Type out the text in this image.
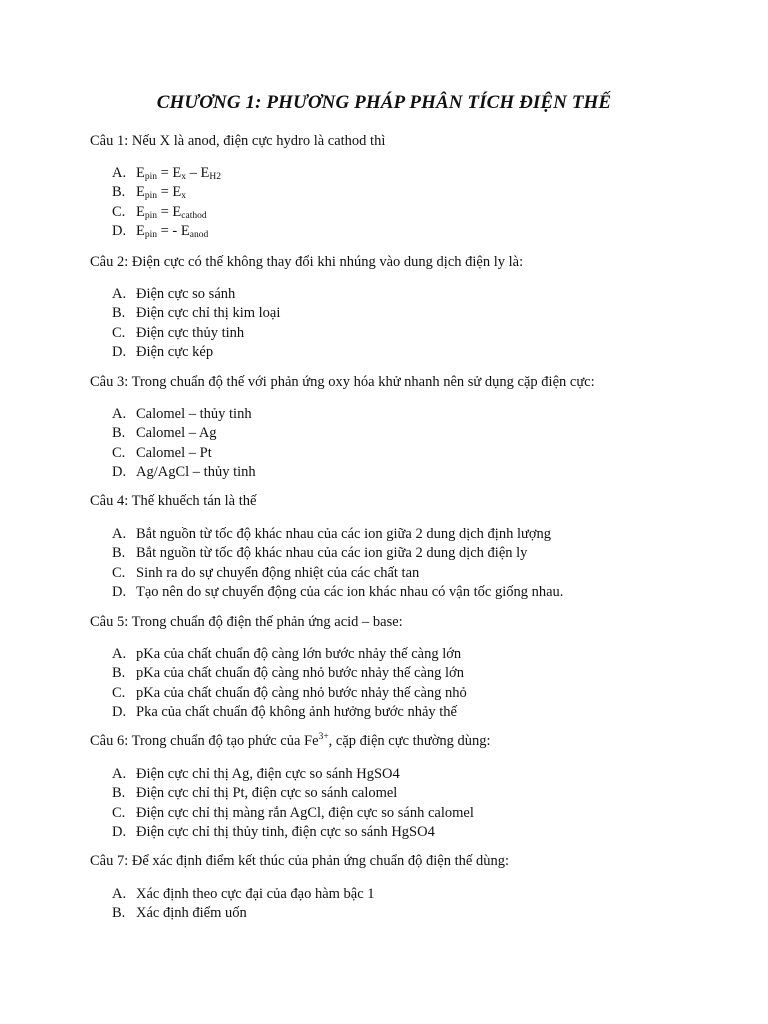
CHƯƠNG 1: PHƯƠNG PHÁP PHÂN TÍCH ĐIỆN THẾ
Câu 1: Nếu X là anod, điện cực hydro là cathod thì
A. $E_{pin} = E_x - E_{H2}$
B. $E_{pin} = E_x$
C. $E_{pin} = E_{cathod}$
D. $E_{pin}$ = - $E_{anod}$
Câu 2: Điện cực có thế không thay đổi khi nhúng vào dung dịch điện ly là:
A. Điện cực so sánh
B. Điện cực chỉ thị kim loại
C. Điện cực thủy tinh
D. Điện cực kép
Câu 3: Trong chuẩn độ thế với phản ứng oxy hóa khử nhanh nên sử dụng cặp điện cực:
A. Calomel – thủy tinh
B. Calomel – Ag
C. Calomel – Pt
D. Ag/AgCl – thủy tinh
Câu 4: Thế khuếch tán là thế
A. Bắt nguồn từ tốc độ khác nhau của các ion giữa 2 dung dịch định lượng
B. Bắt nguồn từ tốc độ khác nhau của các ion giữa 2 dung dịch điện ly
C. Sinh ra do sự chuyển động nhiệt của các chất tan
D. Tạo nên do sự chuyển động của các ion khác nhau có vận tốc giống nhau.
Câu 5: Trong chuẩn độ điện thế phản ứng acid – base:
A. pKa của chất chuẩn độ càng lớn bước nhảy thế càng lớn
B. pKa của chất chuẩn độ càng nhỏ bước nhảy thế càng lớn
C. pKa của chất chuẩn độ càng nhỏ bước nhảy thế càng nhỏ
D. Pka của chất chuẩn độ không ảnh hưởng bước nhảy thế
Câu 6: Trong chuẩn độ tạo phức của $Fe^{3+}$, cặp điện cực thường dùng:
A. Điện cực chỉ thị Ag, điện cực so sánh HgSO4
B. Điện cực chỉ thị Pt, điện cực so sánh calomel
C. Điện cực chỉ thị màng rắn AgCl, điện cực so sánh calomel
D. Điện cực chỉ thị thủy tinh, điện cực so sánh HgSO4
Câu 7: Để xác định điểm kết thúc của phản ứng chuẩn độ điện thế dùng:
A. Xác định theo cực đại của đạo hàm bậc 1
B. Xác định điểm uốn
